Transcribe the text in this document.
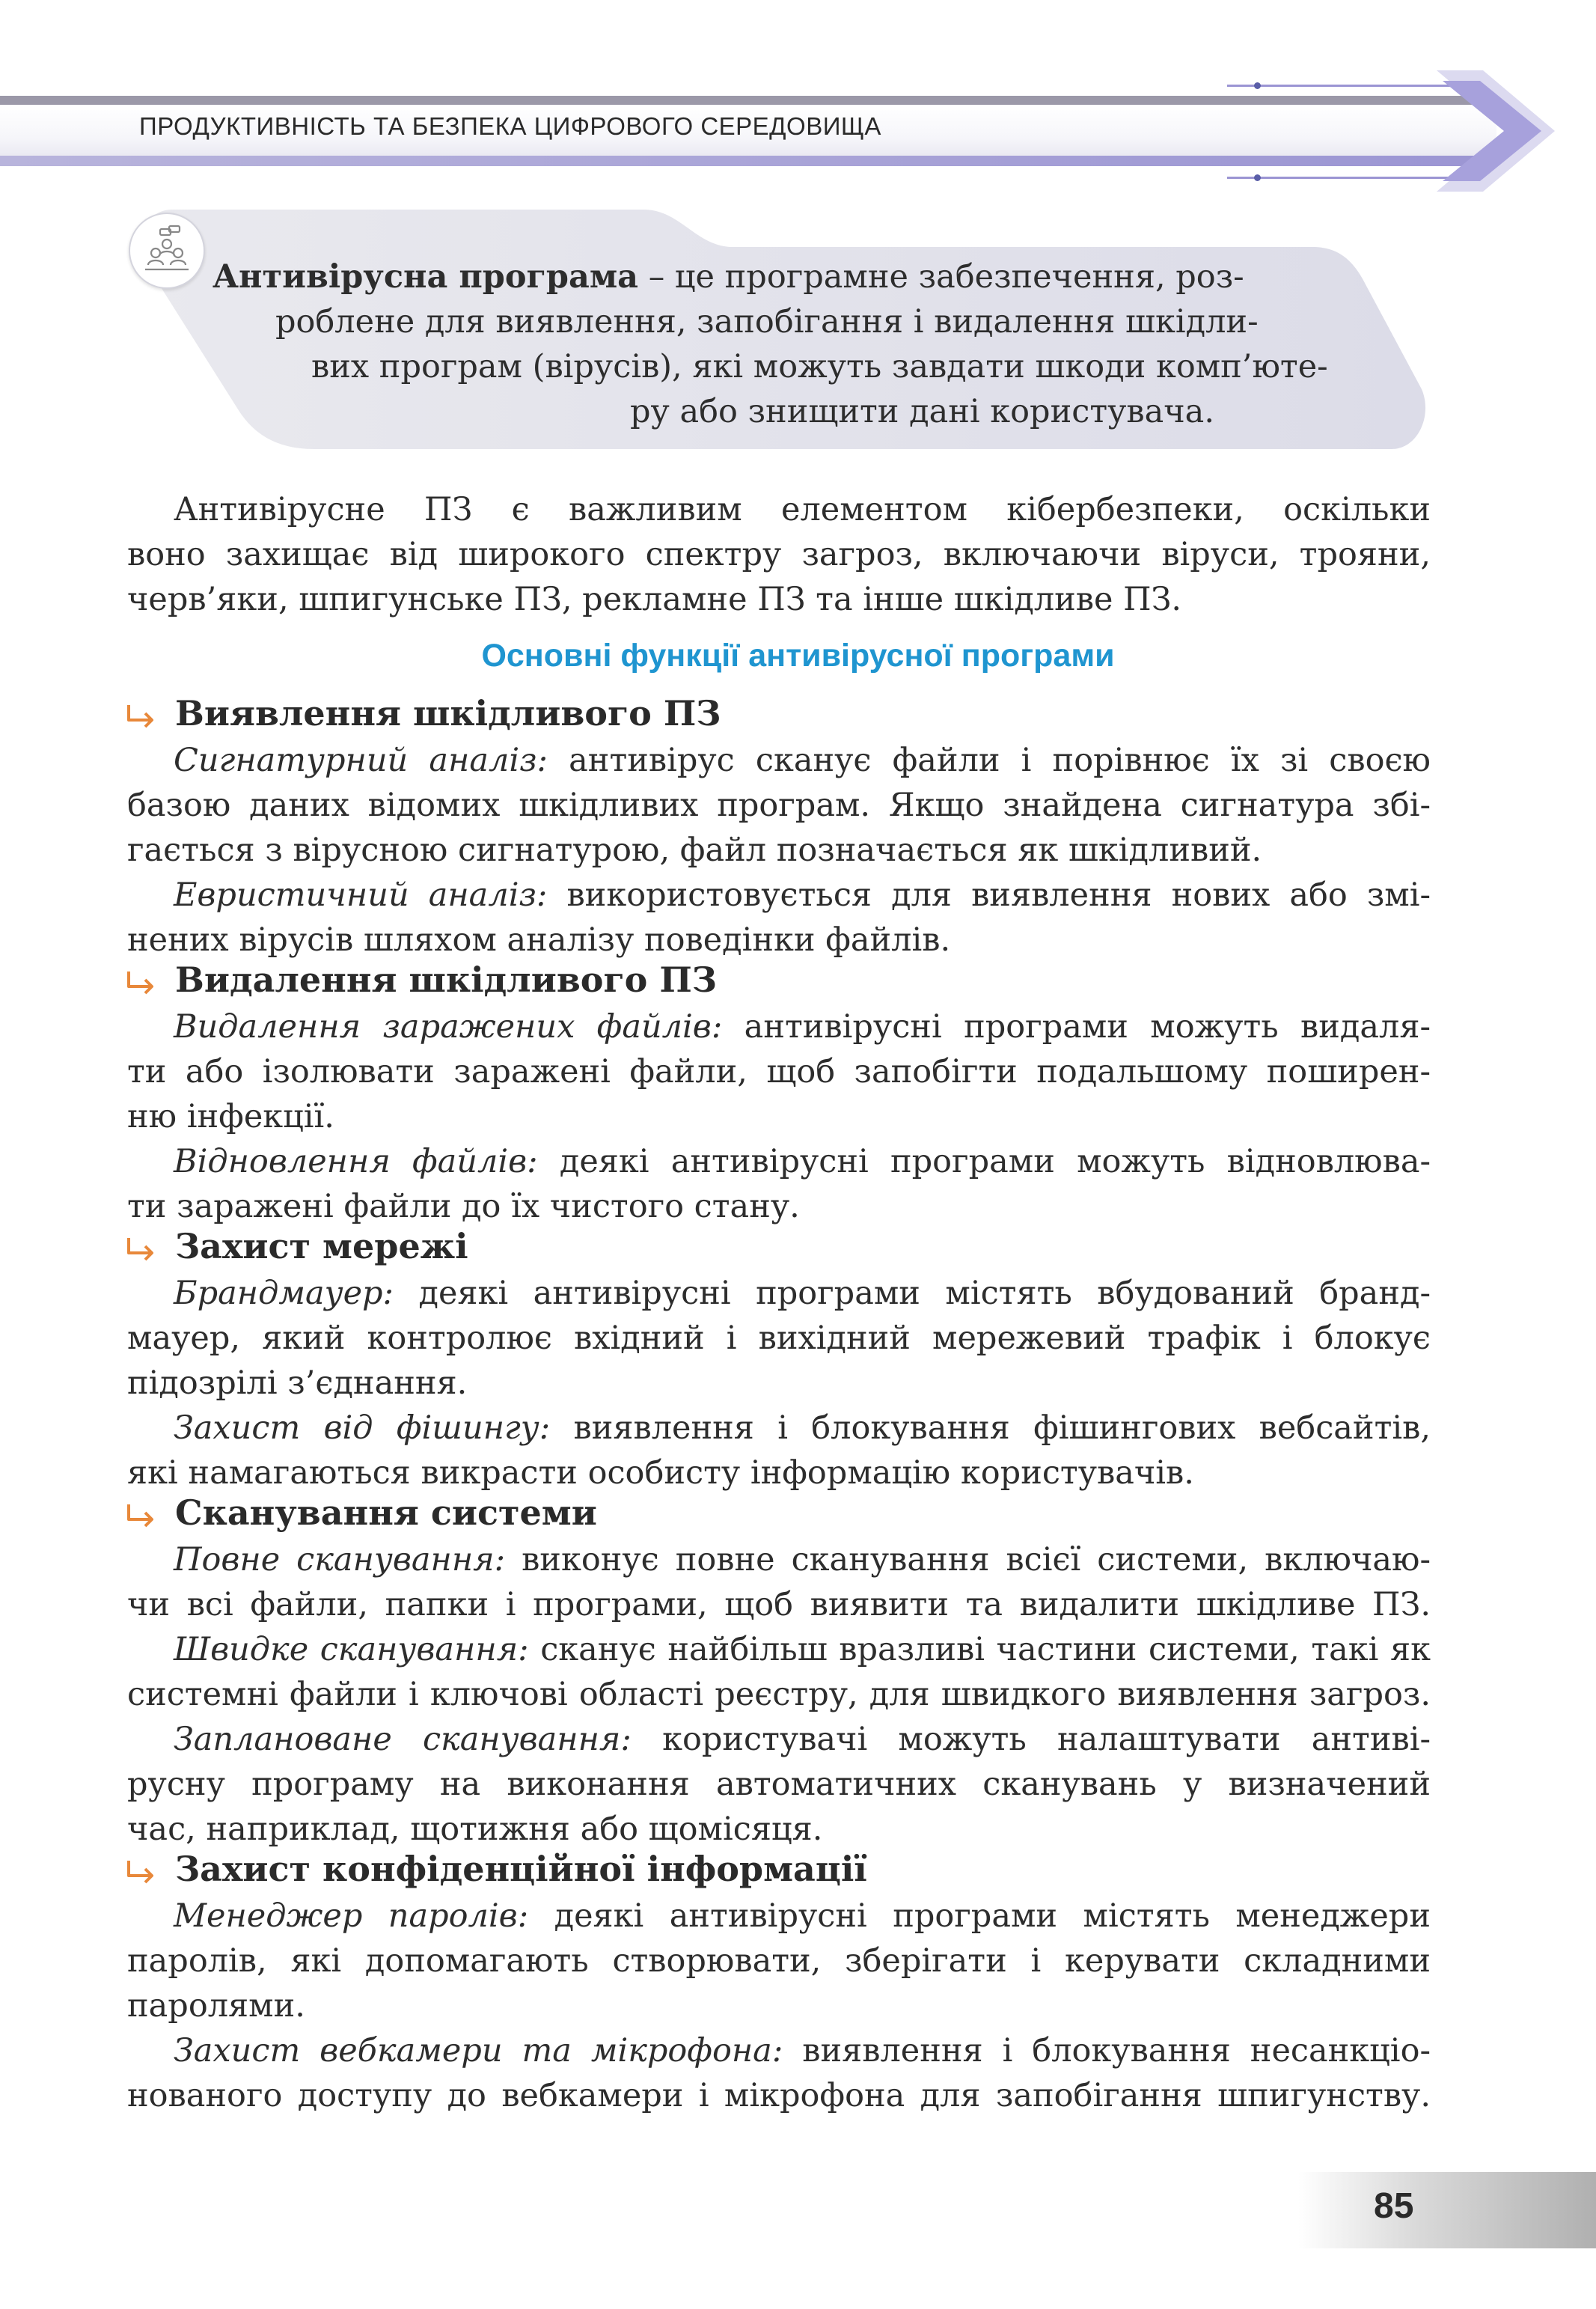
ПРОДУКТИВНІСТЬ ТА БЕЗПЕКА ЦИФРОВОГО СЕРЕДОВИЩА
Антивірусна програма – це програмне забезпечення, роз-
роблене для виявлення, запобігання і видалення шкідли-
вих програм (вірусів), які можуть завдати шкоди комп’юте-
ру або знищити дані користувача.
Антивірусне ПЗ є важливим елементом кібербезпеки, оскільки
воно захищає від широкого спектру загроз, включаючи віруси, трояни,
черв’яки, шпигунське ПЗ, рекламне ПЗ та інше шкідливе ПЗ.
Основні функції антивірусної програми
Виявлення шкідливого ПЗ
Сигнатурний аналіз: антивірус сканує файли і порівнює їх зі своєю
базою даних відомих шкідливих програм. Якщо знайдена сигнатура збі-
гається з вірусною сигнатурою, файл позначається як шкідливий.
Евристичний аналіз: використовується для виявлення нових або змі-
нених вірусів шляхом аналізу поведінки файлів.
Видалення шкідливого ПЗ
Видалення заражених файлів: антивірусні програми можуть видаля-
ти або ізолювати заражені файли, щоб запобігти подальшому поширен-
ню інфекції.
Відновлення файлів: деякі антивірусні програми можуть відновлюва-
ти заражені файли до їх чистого стану.
Захист мережі
Брандмауер: деякі антивірусні програми містять вбудований бранд-
мауер, який контролює вхідний і вихідний мережевий трафік і блокує
підозрілі з’єднання.
Захист від фішингу: виявлення і блокування фішингових вебсайтів,
які намагаються викрасти особисту інформацію користувачів.
Сканування системи
Повне сканування: виконує повне сканування всієї системи, включаю-
чи всі файли, папки і програми, щоб виявити та видалити шкідливе ПЗ.
Швидке сканування: сканує найбільш вразливі частини системи, такі як
системні файли і ключові області реєстру, для швидкого виявлення загроз.
Заплановане сканування: користувачі можуть налаштувати антиві-
русну програму на виконання автоматичних сканувань у визначений
час, наприклад, щотижня або щомісяця.
Захист конфіденційної інформації
Менеджер паролів: деякі антивірусні програми містять менеджери
паролів, які допомагають створювати, зберігати і керувати складними
паролями.
Захист вебкамери та мікрофона: виявлення і блокування несанкціо-
нованого доступу до вебкамери і мікрофона для запобігання шпигунству.
85
